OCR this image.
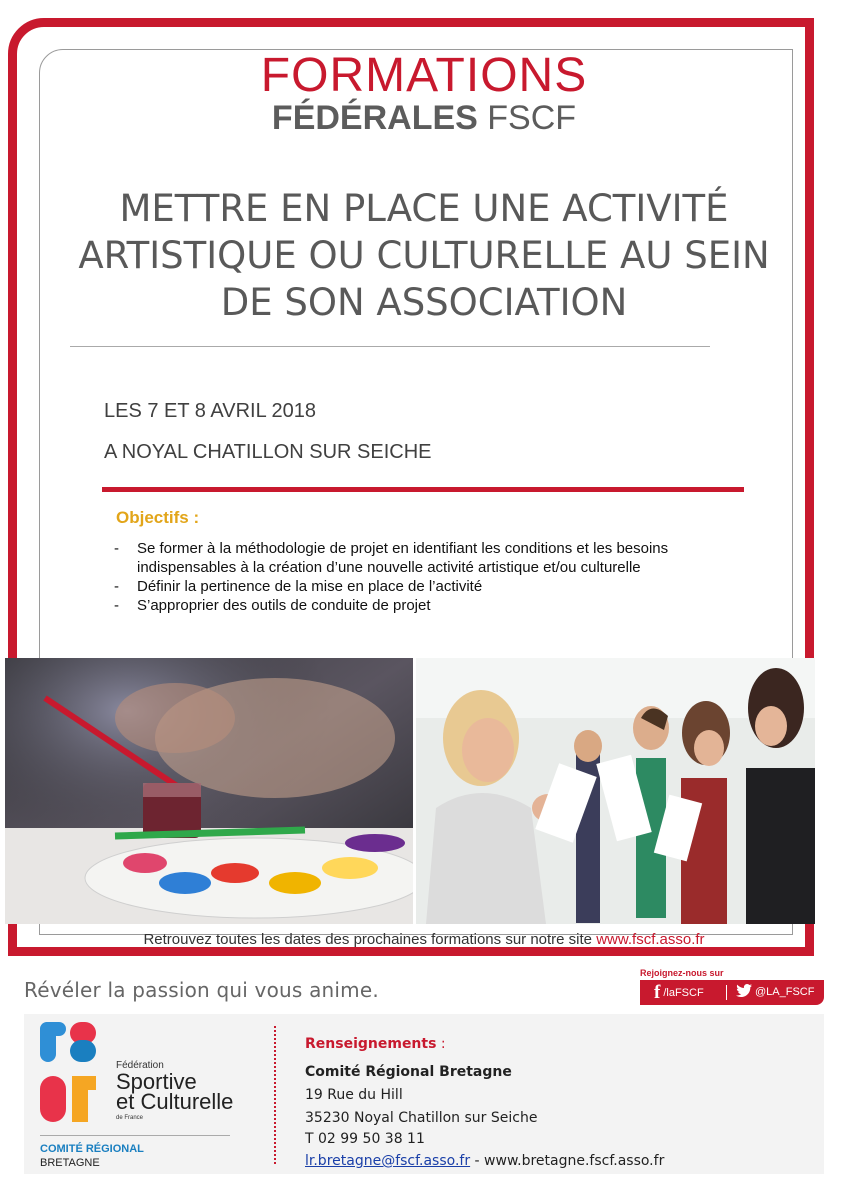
FORMATIONS
FÉDÉRALES FSCF
METTRE EN PLACE UNE ACTIVITÉ
ARTISTIQUE OU CULTURELLE AU SEIN
DE SON ASSOCIATION
LES 7 ET 8 AVRIL 2018
A NOYAL CHATILLON SUR SEICHE
Objectifs :
- Se former à la méthodologie de projet en identifiant les conditions et les besoins indispensables à la création d’une nouvelle activité artistique et/ou culturelle
- Définir la pertinence de la mise en place de l’activité
- S’approprier des outils de conduite de projet
Retrouvez toutes les dates des prochaines formations sur notre site www.fscf.asso.fr
Révéler la passion qui vous anime.
Rejoignez-nous sur
f /laFSCF	@LA_FSCF
Fédération
Sportive
et Culturelle
de France
COMITÉ RÉGIONAL
BRETAGNE
Renseignements :
Comité Régional Bretagne
19 Rue du Hill
35230 Noyal Chatillon sur Seiche
T 02 99 50 38 11
lr.bretagne@fscf.asso.fr - www.bretagne.fscf.asso.fr
